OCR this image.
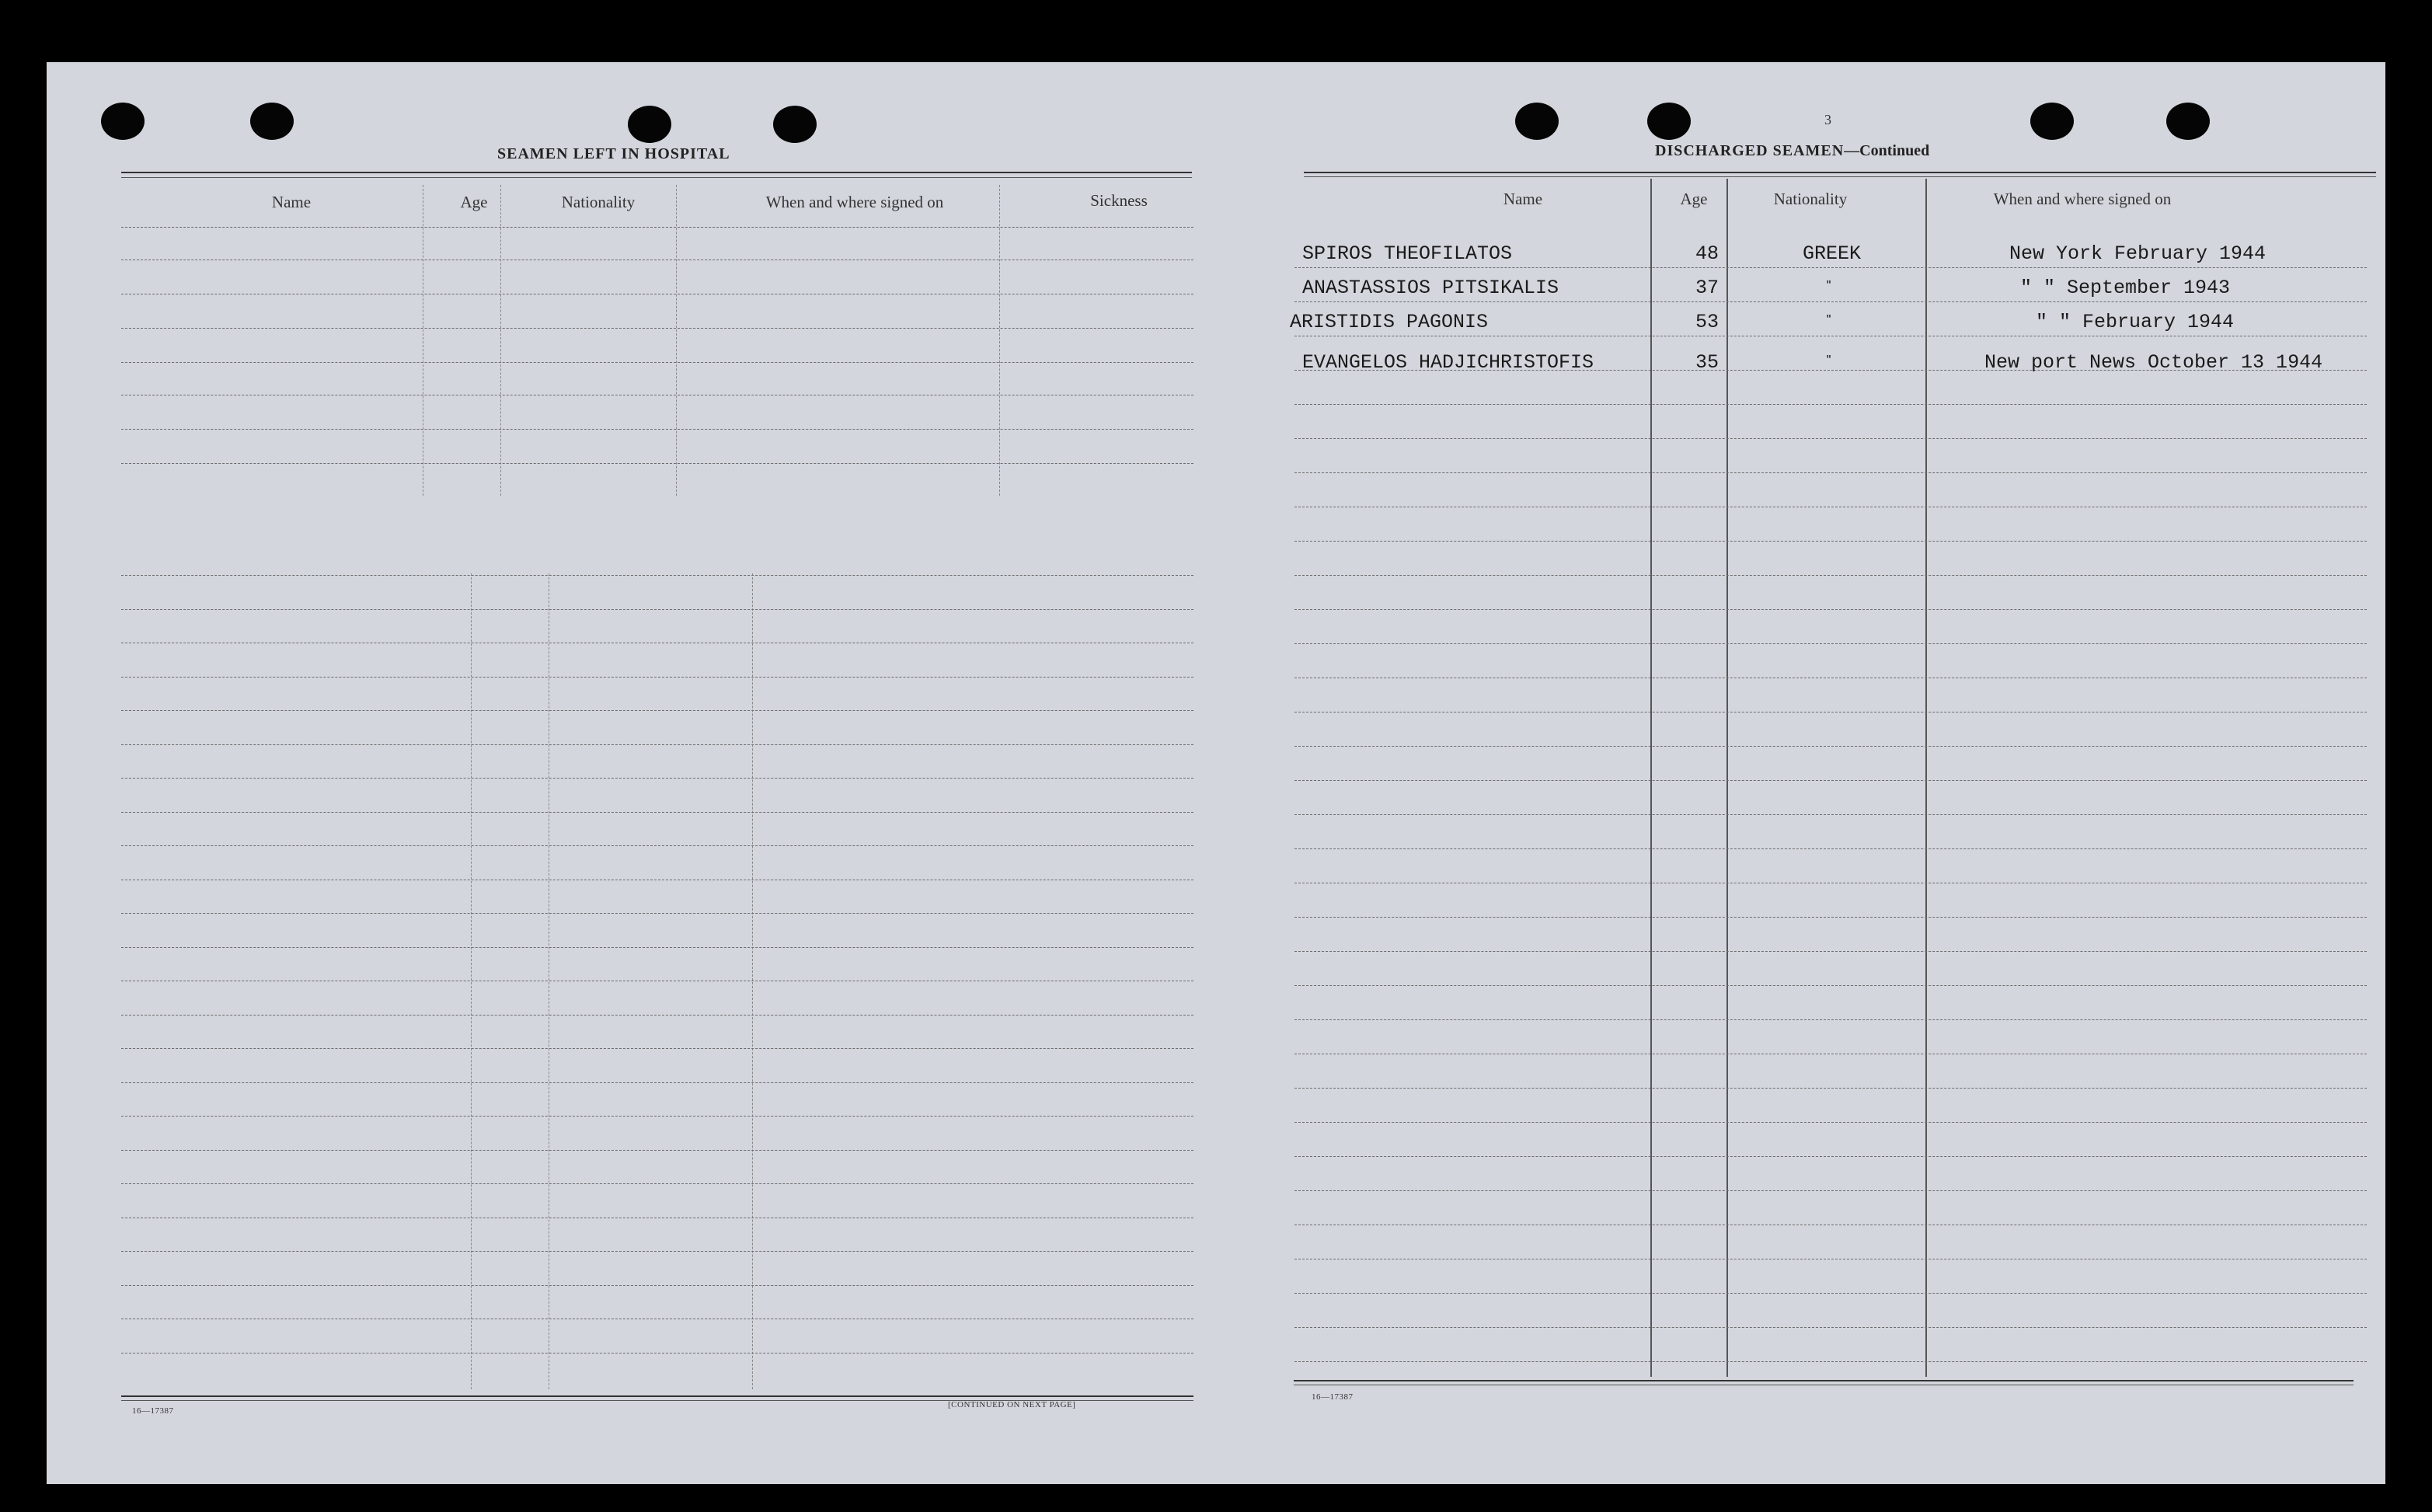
SEAMEN LEFT IN HOSPITAL
Name	Age	Nationality	When and where signed on	Sickness
16—17387
[CONTINUED ON NEXT PAGE]
3
DISCHARGED SEAMEN—Continued
Name	Age	Nationality	When and where signed on
SPIROS THEOFILATOS	48	GREEK	New York February 1944
ANASTASSIOS PITSIKALIS	37	"	" " September 1943
ARISTIDIS PAGONIS	53	"	" " February 1944
EVANGELOS HADJICHRISTOFIS	35	"	New port News October 13 1944
16—17387
